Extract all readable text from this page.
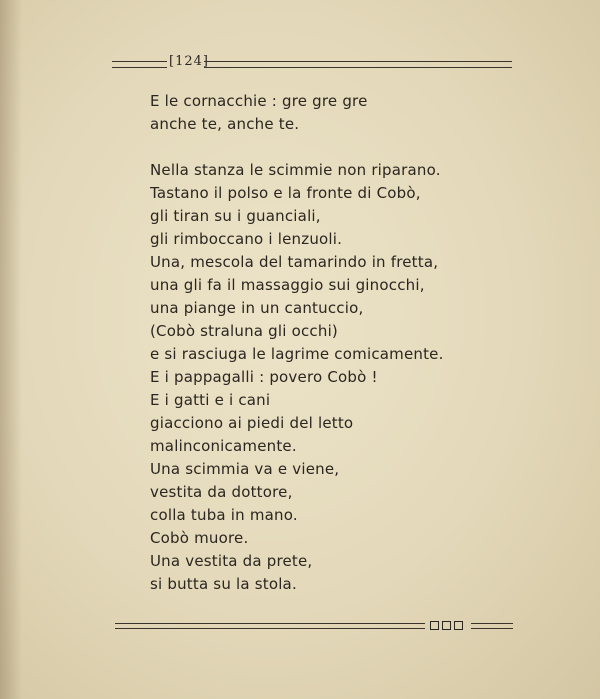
[124]
E le cornacchie : gre gre gre
anche te, anche te.
Nella stanza le scimmie non riparano.
Tastano il polso e la fronte di Cobò,
gli tiran su i guanciali,
gli rimboccano i lenzuoli.
Una, mescola del tamarindo in fretta,
una gli fa il massaggio sui ginocchi,
una piange in un cantuccio,
(Cobò straluna gli occhi)
e si rasciuga le lagrime comicamente.
E i pappagalli : povero Cobò !
E i gatti e i cani
giacciono ai piedi del letto
malinconicamente.
Una scimmia va e viene,
vestita da dottore,
colla tuba in mano.
Cobò muore.
Una vestita da prete,
si butta su la stola.
